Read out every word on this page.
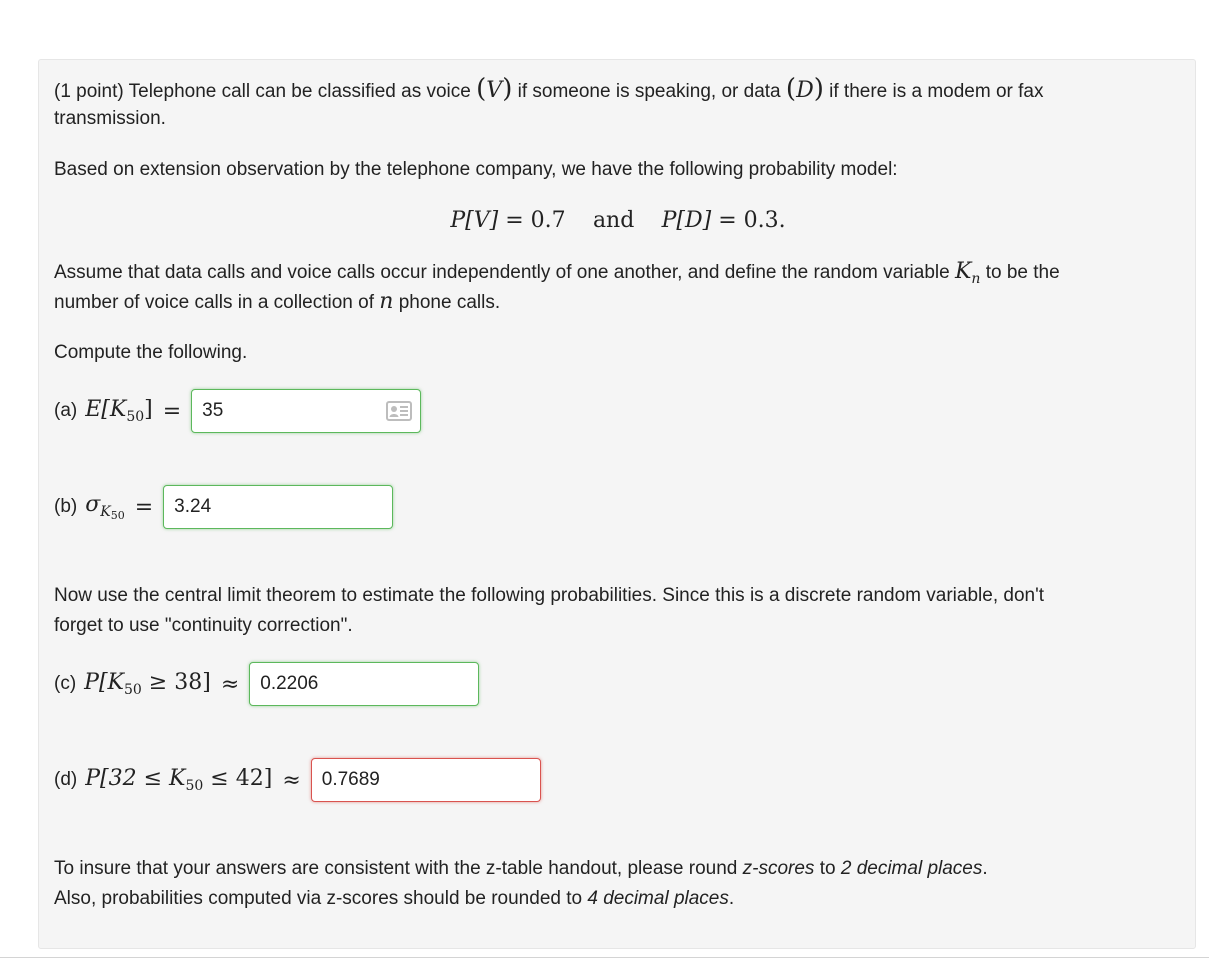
(1 point) Telephone call can be classified as voice (V) if someone is speaking, or data (D) if there is a modem or fax
transmission.
Based on extension observation by the telephone company, we have the following probability model:
P[V] = 0.7 and P[D] = 0.3.
Assume that data calls and voice calls occur independently of one another, and define the random variable $K_n$ to be the
number of voice calls in a collection of n phone calls.
Compute the following.
(a) $E[K_{50}] = 35$
(b) $\sigma_{K50} = 3.24$
Now use the central limit theorem to estimate the following probabilities. Since this is a discrete random variable, don't
forget to use "continuity correction".
(c) $P[K_{50} \ge 38] \approx 0.2206$
(d) $P[32 \le K_{50} \le 42] \approx 0.7689$
To insure that your answers are consistent with the z-table handout, please round z-scores to 2 decimal places.
Also, probabilities computed via z-scores should be rounded to 4 decimal places.
